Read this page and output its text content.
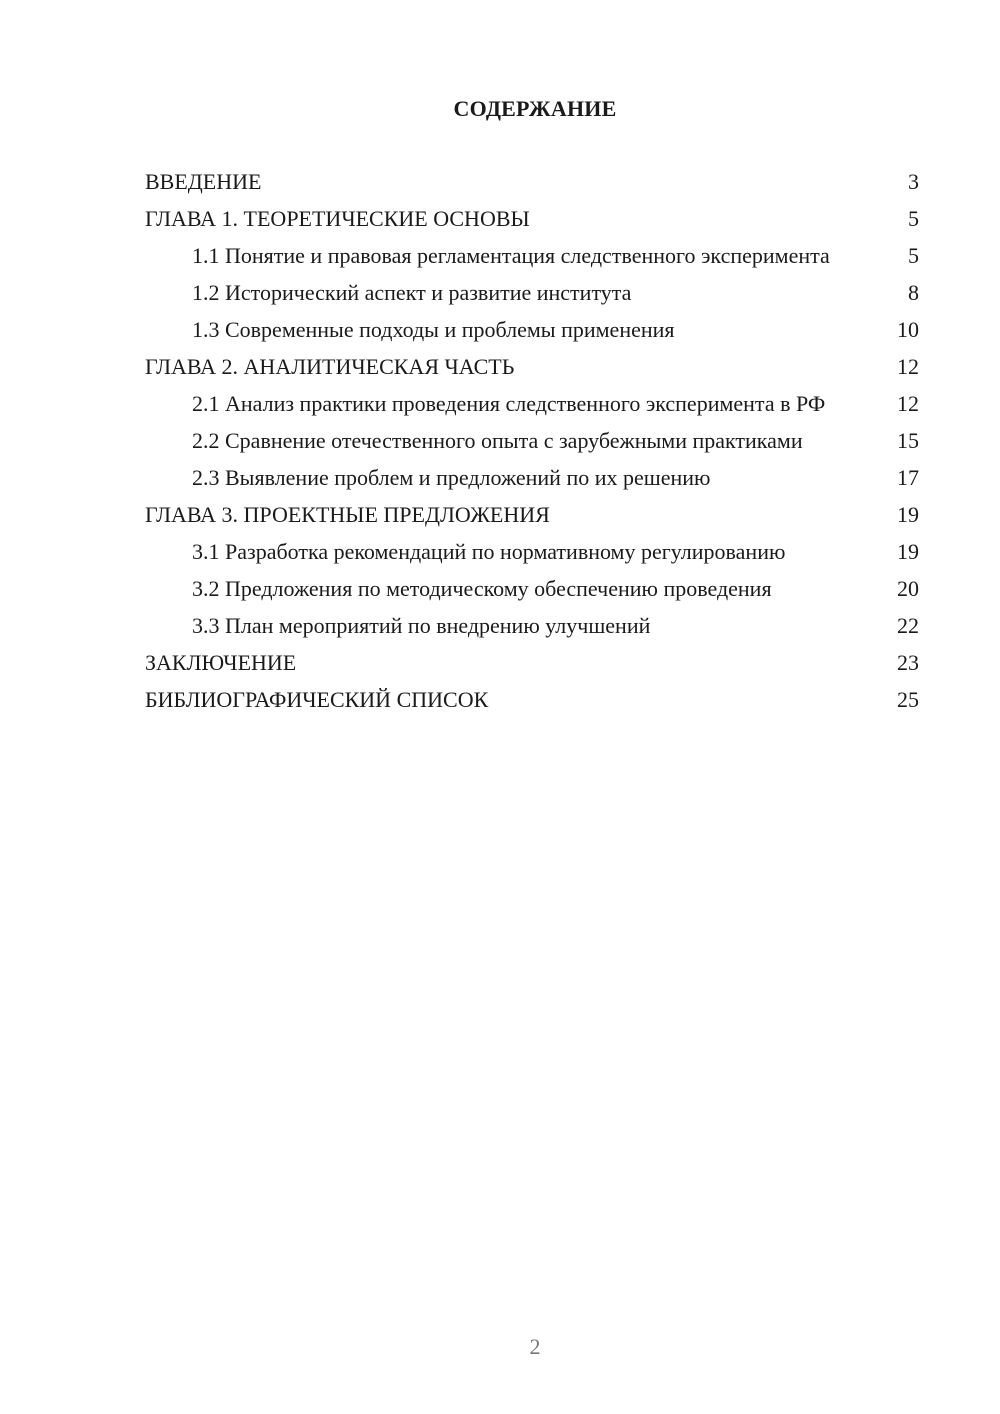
СОДЕРЖАНИЕ
ВВЕДЕНИЕ	3
ГЛАВА 1. ТЕОРЕТИЧЕСКИЕ ОСНОВЫ	5
1.1 Понятие и правовая регламентация следственного эксперимента	5
1.2 Исторический аспект и развитие института	8
1.3 Современные подходы и проблемы применения	10
ГЛАВА 2. АНАЛИТИЧЕСКАЯ ЧАСТЬ	12
2.1 Анализ практики проведения следственного эксперимента в РФ	12
2.2 Сравнение отечественного опыта с зарубежными практиками	15
2.3 Выявление проблем и предложений по их решению	17
ГЛАВА 3. ПРОЕКТНЫЕ ПРЕДЛОЖЕНИЯ	19
3.1 Разработка рекомендаций по нормативному регулированию	19
3.2 Предложения по методическому обеспечению проведения	20
3.3 План мероприятий по внедрению улучшений	22
ЗАКЛЮЧЕНИЕ	23
БИБЛИОГРАФИЧЕСКИЙ СПИСОК	25
2
